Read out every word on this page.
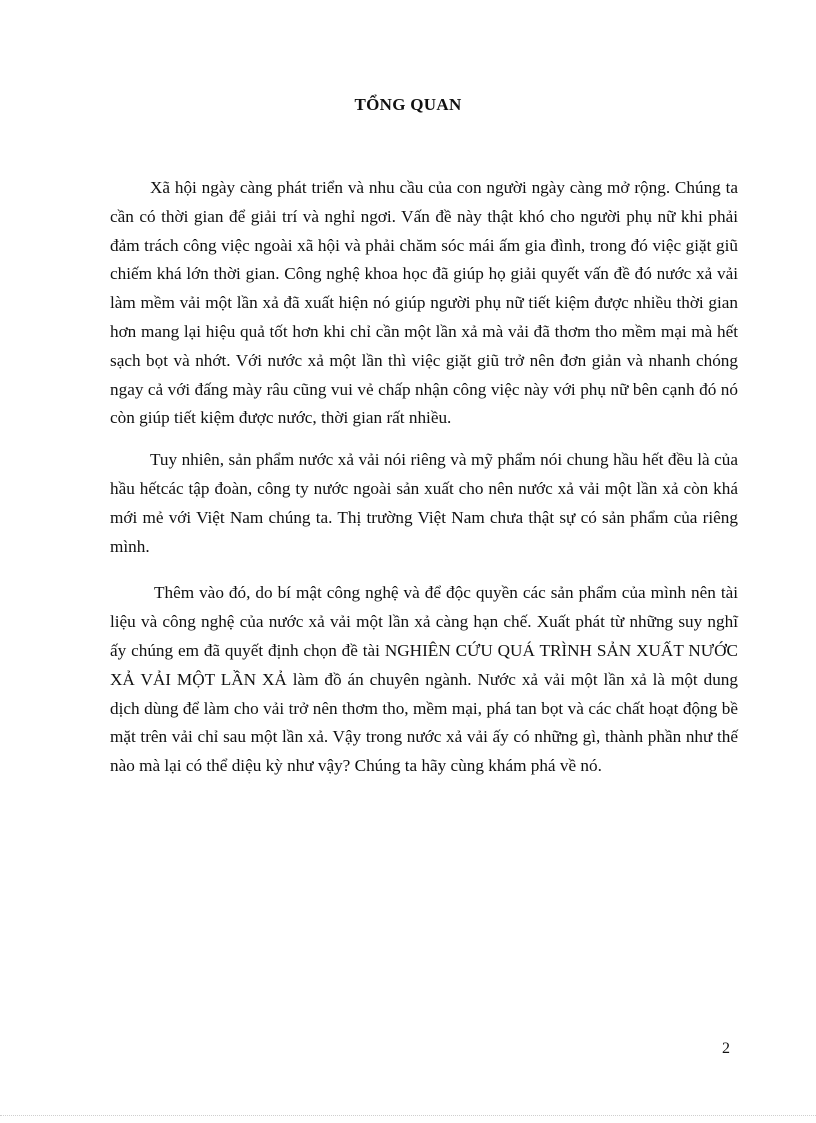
TỔNG QUAN

Xã hội ngày càng phát triển và nhu cầu của con người ngày càng mở rộng. Chúng ta cần có thời gian để giải trí và nghỉ ngơi. Vấn đề này thật khó cho người phụ nữ khi phải đảm trách công việc ngoài xã hội và phải chăm sóc mái ấm gia đình, trong đó việc giặt giũ chiếm khá lớn thời gian. Công nghệ khoa học đã giúp họ giải quyết vấn đề đó nước xả vải làm mềm vải một lần xả đã xuất hiện nó giúp người phụ nữ tiết kiệm được nhiều thời gian hơn mang lại hiệu quả tốt hơn khi chỉ cần một lần xả mà vải đã thơm tho mềm mại mà hết sạch bọt và nhớt. Với nước xả một lần thì việc giặt giũ trở nên đơn giản và nhanh chóng ngay cả với đấng mày râu cũng vui vẻ chấp nhận công việc này với phụ nữ bên cạnh đó nó còn giúp tiết kiệm được nước, thời gian rất nhiều.

Tuy nhiên, sản phẩm nước xả vải nói riêng và mỹ phẩm nói chung hầu hết đều là của hầu hếtcác tập đoàn, công ty nước ngoài sản xuất cho nên nước xả vải một lần xả còn khá mới mẻ với Việt Nam chúng ta. Thị trường Việt Nam chưa thật sự có sản phẩm của riêng mình.

Thêm vào đó, do bí mật công nghệ và để độc quyền các sản phẩm của mình nên tài liệu và công nghệ của nước xả vải một lần xả càng hạn chế. Xuất phát từ những suy nghĩ ấy chúng em đã quyết định chọn đề tài NGHIÊN CỨU QUÁ TRÌNH SẢN XUẤT NƯỚC XẢ VẢI MỘT LẦN XẢ làm đồ án chuyên ngành. Nước xả vải một lần xả là một dung dịch dùng để làm cho vải trở nên thơm tho, mềm mại, phá tan bọt và các chất hoạt động bề mặt trên vải chỉ sau một lần xả. Vậy trong nước xả vải ấy có những gì, thành phần như thế nào mà lại có thể diệu kỳ như vậy? Chúng ta hãy cùng khám phá về nó.

2
